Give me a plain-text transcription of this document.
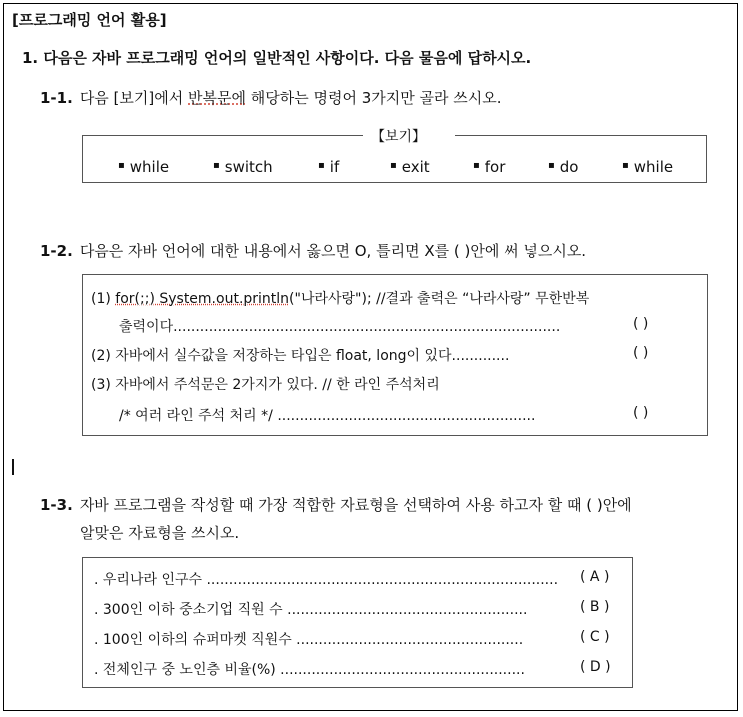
[프로그래밍 언어 활용]
1. 다음은 자바 프로그래밍 언어의 일반적인 사항이다. 다음 물음에 답하시오.
1-1. 다음 [보기]에서 반복문에 해당하는 명령어 3가지만 골라 쓰시오.
【보기】
▪ while	▪ switch	▪ if	▪ exit	▪ for	▪ do	▪ while
1-2. 다음은 자바 언어에 대한 내용에서 옳으면 O, 틀리면 X를 ( )안에 써 넣으시오.
(1) for(;;) System.out.println("나라사랑"); //결과 출력은 “나라사랑” 무한반복
출력이다.......................................................................................	( )
(2) 자바에서 실수값을 저장하는 타입은 float, long이 있다.............	( )
(3) 자바에서 주석문은 2가지가 있다. // 한 라인 주석처리
/* 여러 라인 주석 처리 */ ..........................................................	( )
1-3. 자바 프로그램을 작성할 때 가장 적합한 자료형을 선택하여 사용 하고자 할 때 ( )안에
알맞은 자료형을 쓰시오.
. 우리나라 인구수 ............................................................................... ( A )
. 300인 이하 중소기업 직원 수 ......................................................	( B )
. 100인 이하의 슈퍼마켓 직원수 ...................................................	( C )
. 전체인구 중 노인층 비율(%) .......................................................	( D )
